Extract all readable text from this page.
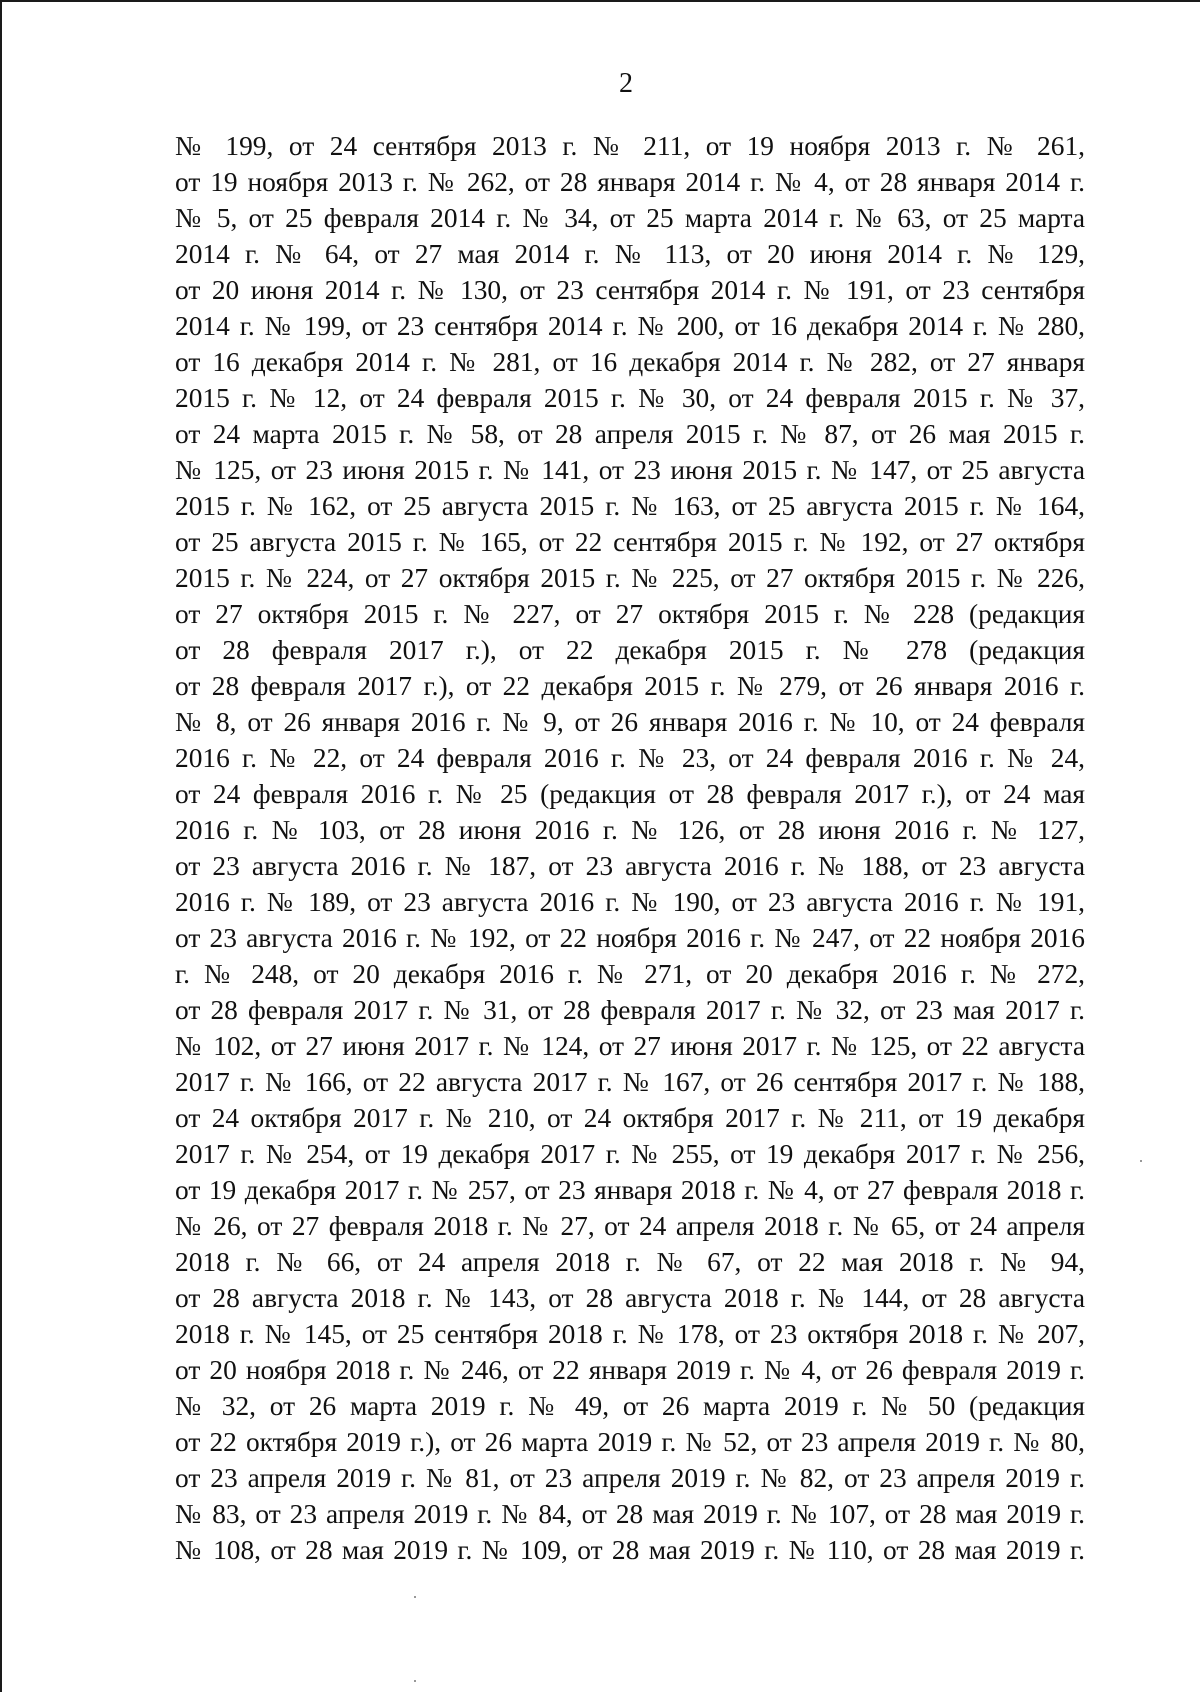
2
№ 199, от 24 сентября 2013 г. № 211, от 19 ноября 2013 г. № 261,
от 19 ноября 2013 г. № 262, от 28 января 2014 г. № 4, от 28 января 2014 г.
№ 5, от 25 февраля 2014 г. № 34, от 25 марта 2014 г. № 63, от 25 марта
2014 г. № 64, от 27 мая 2014 г. № 113, от 20 июня 2014 г. № 129,
от 20 июня 2014 г. № 130, от 23 сентября 2014 г. № 191, от 23 сентября
2014 г. № 199, от 23 сентября 2014 г. № 200, от 16 декабря 2014 г. № 280,
от 16 декабря 2014 г. № 281, от 16 декабря 2014 г. № 282, от 27 января
2015 г. № 12, от 24 февраля 2015 г. № 30, от 24 февраля 2015 г. № 37,
от 24 марта 2015 г. № 58, от 28 апреля 2015 г. № 87, от 26 мая 2015 г.
№ 125, от 23 июня 2015 г. № 141, от 23 июня 2015 г. № 147, от 25 августа
2015 г. № 162, от 25 августа 2015 г. № 163, от 25 августа 2015 г. № 164,
от 25 августа 2015 г. № 165, от 22 сентября 2015 г. № 192, от 27 октября
2015 г. № 224, от 27 октября 2015 г. № 225, от 27 октября 2015 г. № 226,
от 27 октября 2015 г. № 227, от 27 октября 2015 г. № 228 (редакция
от 28 февраля 2017 г.), от 22 декабря 2015 г. № 278 (редакция
от 28 февраля 2017 г.), от 22 декабря 2015 г. № 279, от 26 января 2016 г.
№ 8, от 26 января 2016 г. № 9, от 26 января 2016 г. № 10, от 24 февраля
2016 г. № 22, от 24 февраля 2016 г. № 23, от 24 февраля 2016 г. № 24,
от 24 февраля 2016 г. № 25 (редакция от 28 февраля 2017 г.), от 24 мая
2016 г. № 103, от 28 июня 2016 г. № 126, от 28 июня 2016 г. № 127,
от 23 августа 2016 г. № 187, от 23 августа 2016 г. № 188, от 23 августа
2016 г. № 189, от 23 августа 2016 г. № 190, от 23 августа 2016 г. № 191,
от 23 августа 2016 г. № 192, от 22 ноября 2016 г. № 247, от 22 ноября 2016
г. № 248, от 20 декабря 2016 г. № 271, от 20 декабря 2016 г. № 272,
от 28 февраля 2017 г. № 31, от 28 февраля 2017 г. № 32, от 23 мая 2017 г.
№ 102, от 27 июня 2017 г. № 124, от 27 июня 2017 г. № 125, от 22 августа
2017 г. № 166, от 22 августа 2017 г. № 167, от 26 сентября 2017 г. № 188,
от 24 октября 2017 г. № 210, от 24 октября 2017 г. № 211, от 19 декабря
2017 г. № 254, от 19 декабря 2017 г. № 255, от 19 декабря 2017 г. № 256,
от 19 декабря 2017 г. № 257, от 23 января 2018 г. № 4, от 27 февраля 2018 г.
№ 26, от 27 февраля 2018 г. № 27, от 24 апреля 2018 г. № 65, от 24 апреля
2018 г. № 66, от 24 апреля 2018 г. № 67, от 22 мая 2018 г. № 94,
от 28 августа 2018 г. № 143, от 28 августа 2018 г. № 144, от 28 августа
2018 г. № 145, от 25 сентября 2018 г. № 178, от 23 октября 2018 г. № 207,
от 20 ноября 2018 г. № 246, от 22 января 2019 г. № 4, от 26 февраля 2019 г.
№ 32, от 26 марта 2019 г. № 49, от 26 марта 2019 г. № 50 (редакция
от 22 октября 2019 г.), от 26 марта 2019 г. № 52, от 23 апреля 2019 г. № 80,
от 23 апреля 2019 г. № 81, от 23 апреля 2019 г. № 82, от 23 апреля 2019 г.
№ 83, от 23 апреля 2019 г. № 84, от 28 мая 2019 г. № 107, от 28 мая 2019 г.
№ 108, от 28 мая 2019 г. № 109, от 28 мая 2019 г. № 110, от 28 мая 2019 г.
